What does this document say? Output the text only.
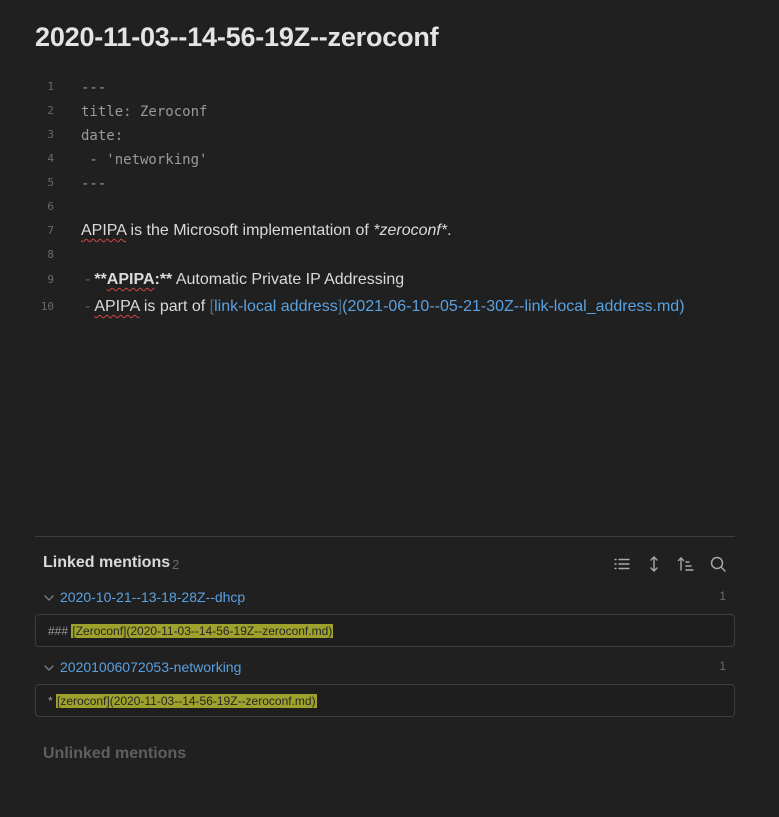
2020-11-03--14-56-19Z--zeroconf
1 ---
2 title: Zeroconf
3 date:
4 - 'networking'
5 ---
6
7 APIPA is the Microsoft implementation of *zeroconf*.
8
9 - **APIPA:** Automatic Private IP Addressing
10 - APIPA is part of [link-local address](2021-06-10--05-21-30Z--link-local_address.md)
Linked mentions 2
2020-10-21--13-18-28Z--dhcp	1
### [Zeroconf](2020-11-03--14-56-19Z--zeroconf.md)
20201006072053-networking	1
* [zeroconf](2020-11-03--14-56-19Z--zeroconf.md)
Unlinked mentions
